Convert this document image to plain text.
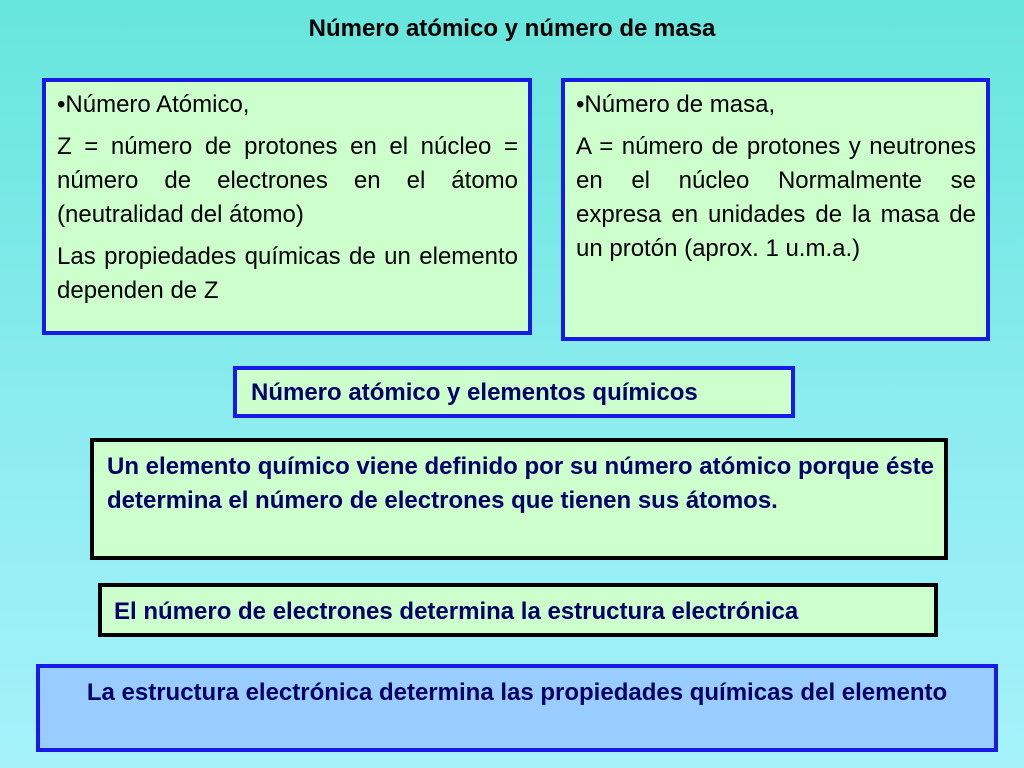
Número atómico y número de masa

•Número Atómico,

Z = número de protones en el núcleo = número de electrones en el átomo (neutralidad del átomo)

Las propiedades químicas de un elemento dependen de Z

•Número de masa,

A = número de protones y neutrones en el núcleo Normalmente se expresa en unidades de la masa de un protón (aprox. 1 u.m.a.)

Número atómico y elementos químicos
Un elemento químico viene definido por su número atómico porque éste determina el número de electrones que tienen sus átomos.
El número de electrones determina la estructura electrónica
La estructura electrónica determina las propiedades químicas del elemento
